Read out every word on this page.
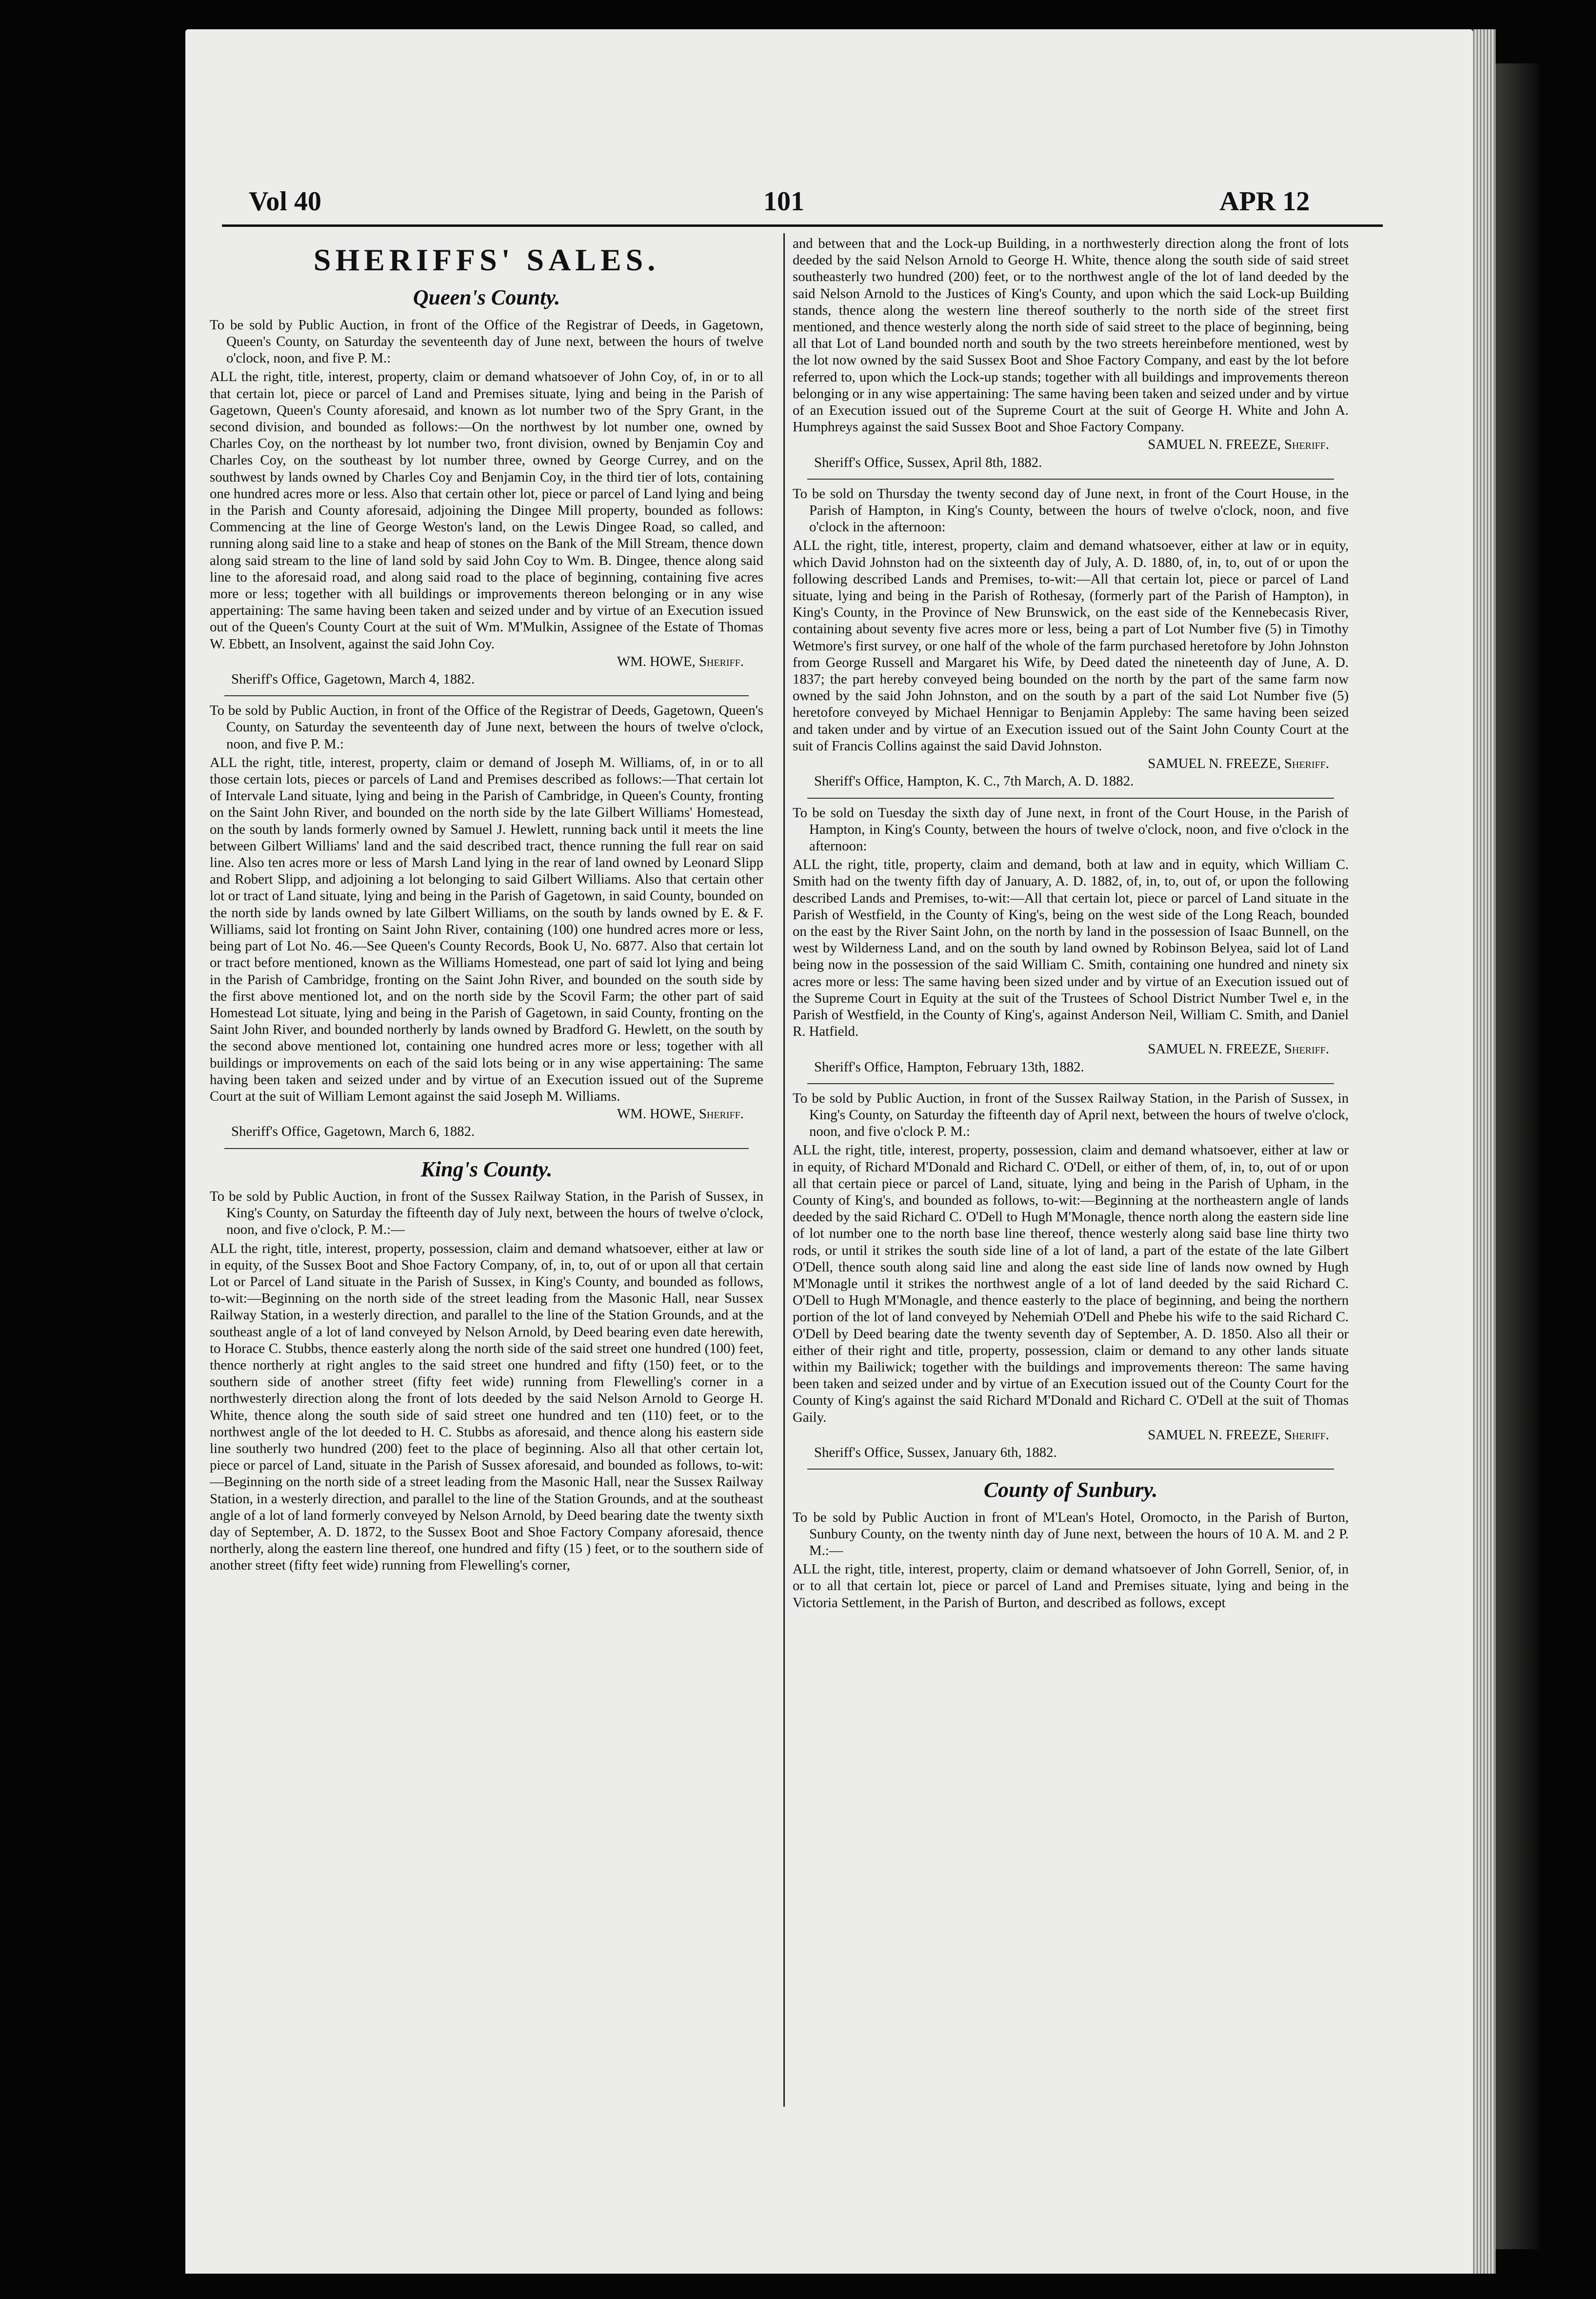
Vol 40	101	APR 12
SHERIFFS' SALES.
Queen's County.

To be sold by Public Auction, in front of the Office of the Registrar of Deeds, in Gagetown, Queen's County, on Saturday the seventeenth day of June next, between the hours of twelve o'clock, noon, and five P. M.:

ALL the right, title, interest, property, claim or demand whatsoever of John Coy, of, in or to all that certain lot, piece or parcel of Land and Premises situate, lying and being in the Parish of Gagetown, Queen's County aforesaid, and known as lot number two of the Spry Grant, in the second division, and bounded as follows:—On the northwest by lot number one, owned by Charles Coy, on the northeast by lot number two, front division, owned by Benjamin Coy and Charles Coy, on the southeast by lot number three, owned by George Currey, and on the southwest by lands owned by Charles Coy and Benjamin Coy, in the third tier of lots, containing one hundred acres more or less. Also that certain other lot, piece or parcel of Land lying and being in the Parish and County aforesaid, adjoining the Dingee Mill property, bounded as follows: Commencing at the line of George Weston's land, on the Lewis Dingee Road, so called, and running along said line to a stake and heap of stones on the Bank of the Mill Stream, thence down along said stream to the line of land sold by said John Coy to Wm. B. Dingee, thence along said line to the aforesaid road, and along said road to the place of beginning, containing five acres more or less; together with all buildings or improvements thereon belonging or in any wise appertaining: The same having been taken and seized under and by virtue of an Execution issued out of the Queen's County Court at the suit of Wm. M'Mulkin, Assignee of the Estate of Thomas W. Ebbett, an Insolvent, against the said John Coy.

WM. HOWE, Sheriff.
Sheriff's Office, Gagetown, March 4, 1882.

To be sold by Public Auction, in front of the Office of the Registrar of Deeds, Gagetown, Queen's County, on Saturday the seventeenth day of June next, between the hours of twelve o'clock, noon, and five P. M.:

ALL the right, title, interest, property, claim or demand of Joseph M. Williams, of, in or to all those certain lots, pieces or parcels of Land and Premises described as follows:—That certain lot of Intervale Land situate, lying and being in the Parish of Cambridge, in Queen's County, fronting on the Saint John River, and bounded on the north side by the late Gilbert Williams' Homestead, on the south by lands formerly owned by Samuel J. Hewlett, running back until it meets the line between Gilbert Williams' land and the said described tract, thence running the full rear on said line. Also ten acres more or less of Marsh Land lying in the rear of land owned by Leonard Slipp and Robert Slipp, and adjoining a lot belonging to said Gilbert Williams. Also that certain other lot or tract of Land situate, lying and being in the Parish of Gagetown, in said County, bounded on the north side by lands owned by late Gilbert Williams, on the south by lands owned by E. & F. Williams, said lot fronting on Saint John River, containing (100) one hundred acres more or less, being part of Lot No. 46.—See Queen's County Records, Book U, No. 6877. Also that certain lot or tract before mentioned, known as the Williams Homestead, one part of said lot lying and being in the Parish of Cambridge, fronting on the Saint John River, and bounded on the south side by the first above mentioned lot, and on the north side by the Scovil Farm; the other part of said Homestead Lot situate, lying and being in the Parish of Gagetown, in said County, fronting on the Saint John River, and bounded northerly by lands owned by Bradford G. Hewlett, on the south by the second above mentioned lot, containing one hundred acres more or less; together with all buildings or improvements on each of the said lots being or in any wise appertaining: The same having been taken and seized under and by virtue of an Execution issued out of the Supreme Court at the suit of William Lemont against the said Joseph M. Williams.

WM. HOWE, Sheriff.
Sheriff's Office, Gagetown, March 6, 1882.
King's County.

To be sold by Public Auction, in front of the Sussex Railway Station, in the Parish of Sussex, in King's County, on Saturday the fifteenth day of July next, between the hours of twelve o'clock, noon, and five o'clock, P. M.:—

ALL the right, title, interest, property, possession, claim and demand whatsoever, either at law or in equity, of the Sussex Boot and Shoe Factory Company, of, in, to, out of or upon all that certain Lot or Parcel of Land situate in the Parish of Sussex, in King's County, and bounded as follows, to-wit:—Beginning on the north side of the street leading from the Masonic Hall, near Sussex Railway Station, in a westerly direction, and parallel to the line of the Station Grounds, and at the southeast angle of a lot of land conveyed by Nelson Arnold, by Deed bearing even date herewith, to Horace C. Stubbs, thence easterly along the north side of the said street one hundred (100) feet, thence northerly at right angles to the said street one hundred and fifty (150) feet, or to the southern side of another street (fifty feet wide) running from Flewelling's corner in a northwesterly direction along the front of lots deeded by the said Nelson Arnold to George H. White, thence along the south side of said street one hundred and ten (110) feet, or to the northwest angle of the lot deeded to H. C. Stubbs as aforesaid, and thence along his eastern side line southerly two hundred (200) feet to the place of beginning. Also all that other certain lot, piece or parcel of Land, situate in the Parish of Sussex aforesaid, and bounded as follows, to-wit:—Beginning on the north side of a street leading from the Masonic Hall, near the Sussex Railway Station, in a westerly direction, and parallel to the line of the Station Grounds, and at the southeast angle of a lot of land formerly conveyed by Nelson Arnold, by Deed bearing date the twenty sixth day of September, A. D. 1872, to the Sussex Boot and Shoe Factory Company aforesaid, thence northerly, along the eastern line thereof, one hundred and fifty (15 ) feet, or to the southern side of another street (fifty feet wide) running from Flewelling's corner,

and between that and the Lock-up Building, in a northwesterly direction along the front of lots deeded by the said Nelson Arnold to George H. White, thence along the south side of said street southeasterly two hundred (200) feet, or to the northwest angle of the lot of land deeded by the said Nelson Arnold to the Justices of King's County, and upon which the said Lock-up Building stands, thence along the western line thereof southerly to the north side of the street first mentioned, and thence westerly along the north side of said street to the place of beginning, being all that Lot of Land bounded north and south by the two streets hereinbefore mentioned, west by the lot now owned by the said Sussex Boot and Shoe Factory Company, and east by the lot before referred to, upon which the Lock-up stands; together with all buildings and improvements thereon belonging or in any wise appertaining: The same having been taken and seized under and by virtue of an Execution issued out of the Supreme Court at the suit of George H. White and John A. Humphreys against the said Sussex Boot and Shoe Factory Company.

SAMUEL N. FREEZE, Sheriff.
Sheriff's Office, Sussex, April 8th, 1882.

To be sold on Thursday the twenty second day of June next, in front of the Court House, in the Parish of Hampton, in King's County, between the hours of twelve o'clock, noon, and five o'clock in the afternoon:

ALL the right, title, interest, property, claim and demand whatsoever, either at law or in equity, which David Johnston had on the sixteenth day of July, A. D. 1880, of, in, to, out of or upon the following described Lands and Premises, to-wit:—All that certain lot, piece or parcel of Land situate, lying and being in the Parish of Rothesay, (formerly part of the Parish of Hampton), in King's County, in the Province of New Brunswick, on the east side of the Kennebecasis River, containing about seventy five acres more or less, being a part of Lot Number five (5) in Timothy Wetmore's first survey, or one half of the whole of the farm purchased heretofore by John Johnston from George Russell and Margaret his Wife, by Deed dated the nineteenth day of June, A. D. 1837; the part hereby conveyed being bounded on the north by the part of the same farm now owned by the said John Johnston, and on the south by a part of the said Lot Number five (5) heretofore conveyed by Michael Hennigar to Benjamin Appleby: The same having been seized and taken under and by virtue of an Execution issued out of the Saint John County Court at the suit of Francis Collins against the said David Johnston.

SAMUEL N. FREEZE, Sheriff.
Sheriff's Office, Hampton, K. C., 7th March, A. D. 1882.

To be sold on Tuesday the sixth day of June next, in front of the Court House, in the Parish of Hampton, in King's County, between the hours of twelve o'clock, noon, and five o'clock in the afternoon:

ALL the right, title, property, claim and demand, both at law and in equity, which William C. Smith had on the twenty fifth day of January, A. D. 1882, of, in, to, out of, or upon the following described Lands and Premises, to-wit:—All that certain lot, piece or parcel of Land situate in the Parish of Westfield, in the County of King's, being on the west side of the Long Reach, bounded on the east by the River Saint John, on the north by land in the possession of Isaac Bunnell, on the west by Wilderness Land, and on the south by land owned by Robinson Belyea, said lot of Land being now in the possession of the said William C. Smith, containing one hundred and ninety six acres more or less: The same having been sized under and by virtue of an Execution issued out of the Supreme Court in Equity at the suit of the Trustees of School District Number Twel e, in the Parish of Westfield, in the County of King's, against Anderson Neil, William C. Smith, and Daniel R. Hatfield.

SAMUEL N. FREEZE, Sheriff.
Sheriff's Office, Hampton, February 13th, 1882.

To be sold by Public Auction, in front of the Sussex Railway Station, in the Parish of Sussex, in King's County, on Saturday the fifteenth day of April next, between the hours of twelve o'clock, noon, and five o'clock P. M.:

ALL the right, title, interest, property, possession, claim and demand whatsoever, either at law or in equity, of Richard M'Donald and Richard C. O'Dell, or either of them, of, in, to, out of or upon all that certain piece or parcel of Land, situate, lying and being in the Parish of Upham, in the County of King's, and bounded as follows, to-wit:—Beginning at the northeastern angle of lands deeded by the said Richard C. O'Dell to Hugh M'Monagle, thence north along the eastern side line of lot number one to the north base line thereof, thence westerly along said base line thirty two rods, or until it strikes the south side line of a lot of land, a part of the estate of the late Gilbert O'Dell, thence south along said line and along the east side line of lands now owned by Hugh M'Monagle until it strikes the northwest angle of a lot of land deeded by the said Richard C. O'Dell to Hugh M'Monagle, and thence easterly to the place of beginning, and being the northern portion of the lot of land conveyed by Nehemiah O'Dell and Phebe his wife to the said Richard C. O'Dell by Deed bearing date the twenty seventh day of September, A. D. 1850. Also all their or either of their right and title, property, possession, claim or demand to any other lands situate within my Bailiwick; together with the buildings and improvements thereon: The same having been taken and seized under and by virtue of an Execution issued out of the County Court for the County of King's against the said Richard M'Donald and Richard C. O'Dell at the suit of Thomas Gaily.

SAMUEL N. FREEZE, Sheriff.
Sheriff's Office, Sussex, January 6th, 1882.
County of Sunbury.

To be sold by Public Auction in front of M'Lean's Hotel, Oromocto, in the Parish of Burton, Sunbury County, on the twenty ninth day of June next, between the hours of 10 A. M. and 2 P. M.:—

ALL the right, title, interest, property, claim or demand whatsoever of John Gorrell, Senior, of, in or to all that certain lot, piece or parcel of Land and Premises situate, lying and being in the Victoria Settlement, in the Parish of Burton, and described as follows, except
